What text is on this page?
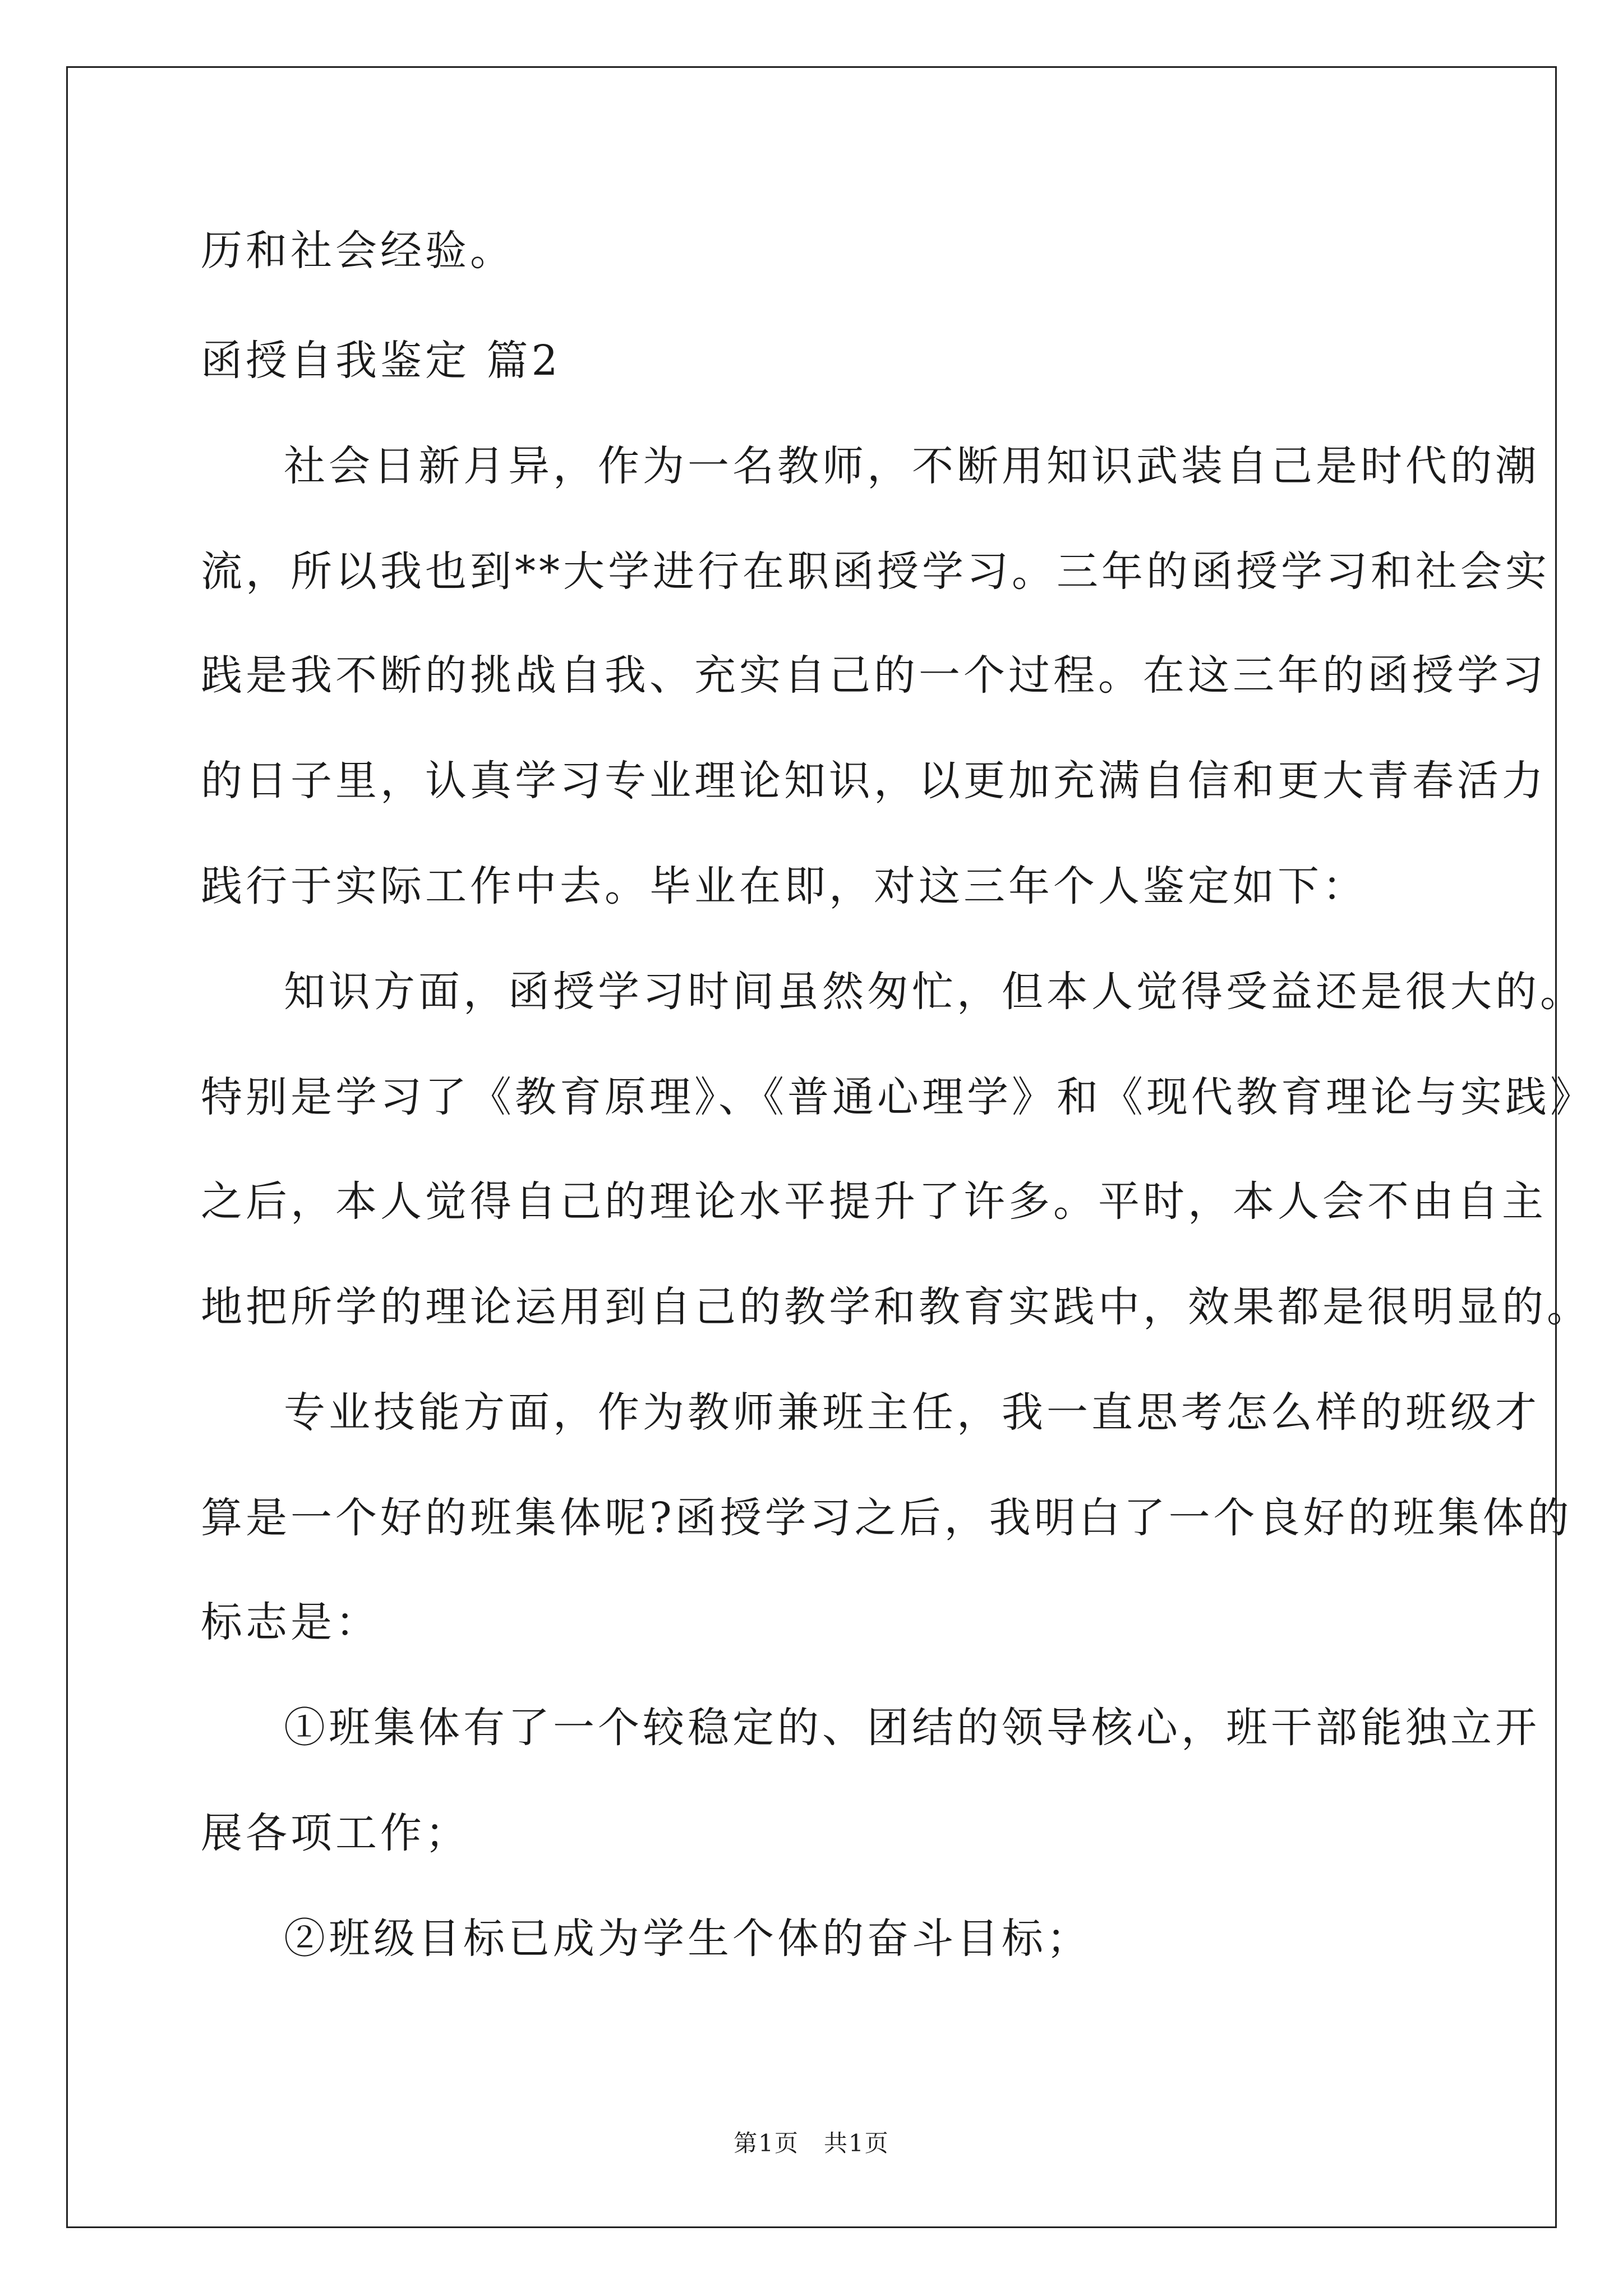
历和社会经验。
函授自我鉴定 篇2
社会日新月异，作为一名教师，不断用知识武装自己是时代的潮
流，所以我也到**大学进行在职函授学习。三年的函授学习和社会实
践是我不断的挑战自我、充实自己的一个过程。在这三年的函授学习
的日子里，认真学习专业理论知识，以更加充满自信和更大青春活力
践行于实际工作中去。毕业在即，对这三年个人鉴定如下：
知识方面，函授学习时间虽然匆忙，但本人觉得受益还是很大的。
特别是学习了《教育原理》、《普通心理学》和《现代教育理论与实践》
之后，本人觉得自己的理论水平提升了许多。平时，本人会不由自主
地把所学的理论运用到自己的教学和教育实践中，效果都是很明显的。
专业技能方面，作为教师兼班主任，我一直思考怎么样的班级才
算是一个好的班集体呢?函授学习之后，我明白了一个良好的班集体的
标志是：
①班集体有了一个较稳定的、团结的领导核心，班干部能独立开
展各项工作；
②班级目标已成为学生个体的奋斗目标；
第1页　共1页
